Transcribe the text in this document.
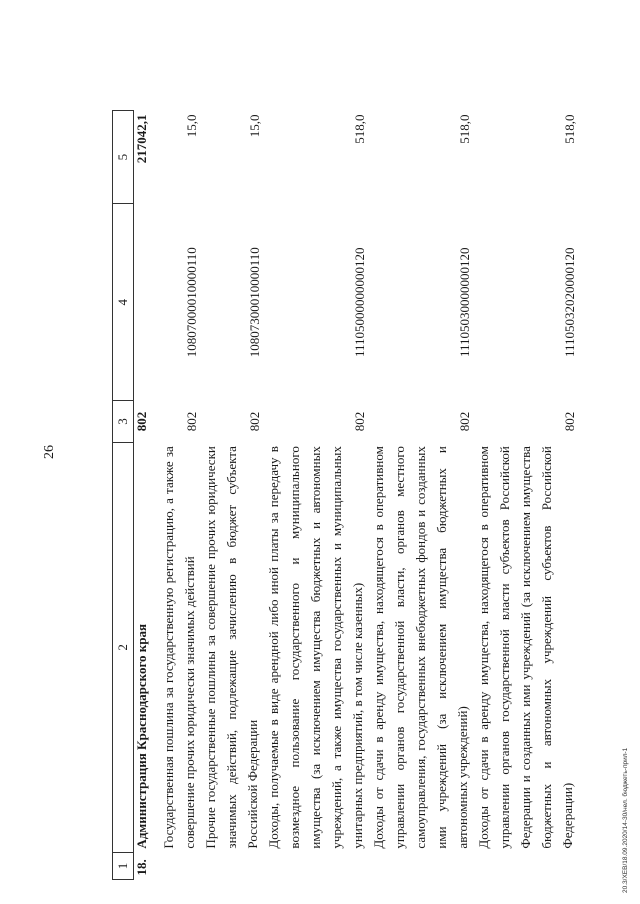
26
1	2	3	4	5
18.	Администрация Краснодарского края	802		217042,1
	Государственная пошлина за государственную регистрацию, а также за совершение прочих юридически значимых действий	802	10807000010000110	15,0
	Прочие государственные пошлины за совершение прочих юридически значимых действий, подлежащие зачислению в бюджет субъекта Российской Федерации	802	10807300010000110	15,0
	Доходы, получаемые в виде арендной либо иной платы за передачу в возмездное пользование государственного и муниципального имущества (за исключением имущества бюджетных и автономных учреждений, а также имущества государственных и муниципальных унитарных предприятий, в том числе казенных)	802	11105000000000120	518,0
	Доходы от сдачи в аренду имущества, находящегося в оперативном управлении органов государственной власти, органов местного самоуправления, государственных внебюджетных фондов и созданных ими учреждений (за исключением имущества бюджетных и автономных учреждений)	802	11105030000000120	518,0
	Доходы от сдачи в аренду имущества, находящегося в оперативном управлении органов государственной власти субъектов Российской Федерации и созданных ими учреждений (за исключением имущества бюджетных и автономных учреждений субъектов Российской Федерации)	802	11105032020000120	518,0
20.3/ХЕВ/18.09.2020/14-30/нел. бюджеть-прил-1
